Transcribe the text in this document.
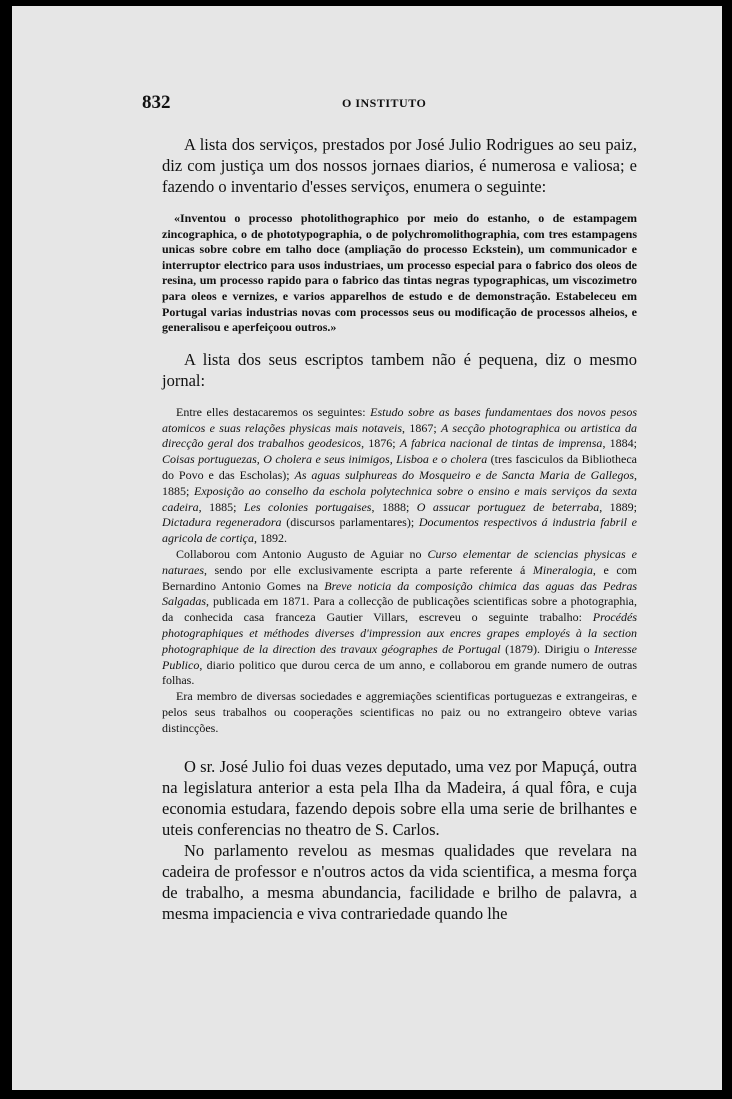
832	O INSTITUTO

A lista dos serviços, prestados por José Julio Rodrigues ao seu paiz, diz com justiça um dos nossos jornaes diarios, é numerosa e valiosa; e fazendo o inventario d'esses serviços, enumera o seguinte:

«Inventou o processo photolithographico por meio do estanho, o de estampagem zincographica, o de phototypographia, o de polychromolithographia, com tres estampagens unicas sobre cobre em talho doce (ampliação do processo Eckstein), um communicador e interruptor electrico para usos industriaes, um processo especial para o fabrico dos oleos de resina, um processo rapido para o fabrico das tintas negras typographicas, um viscozimetro para oleos e vernizes, e varios apparelhos de estudo e de demonstração. Estabeleceu em Portugal varias industrias novas com processos seus ou modificação de processos alheios, e generalisou e aperfeiçoou outros.»

A lista dos seus escriptos tambem não é pequena, diz o mesmo jornal:

Entre elles destacaremos os seguintes: Estudo sobre as bases fundamentaes dos novos pesos atomicos e suas relações physicas mais notaveis, 1867; A secção photographica ou artistica da direcção geral dos trabalhos geodesicos, 1876; A fabrica nacional de tintas de imprensa, 1884; Coisas portuguezas, O cholera e seus inimigos, Lisboa e o cholera (tres fasciculos da Bibliotheca do Povo e das Escholas); As aguas sulphureas do Mosqueiro e de Sancta Maria de Gallegos, 1885; Exposição ao conselho da eschola polytechnica sobre o ensino e mais serviços da sexta cadeira, 1885; Les colonies portugaises, 1888; O assucar portuguez de beterraba, 1889; Dictadura regeneradora (discursos parlamentares); Documentos respectivos á industria fabril e agricola de cortiça, 1892.

Collaborou com Antonio Augusto de Aguiar no Curso elementar de sciencias physicas e naturaes, sendo por elle exclusivamente escripta a parte referente á Mineralogia, e com Bernardino Antonio Gomes na Breve noticia da composição chimica das aguas das Pedras Salgadas, publicada em 1871. Para a collecção de publicações scientificas sobre a photographia, da conhecida casa franceza Gautier Villars, escreveu o seguinte trabalho: Procédés photographiques et méthodes diverses d'impression aux encres grapes employés à la section photographique de la direction des travaux géographes de Portugal (1879). Dirigiu o Interesse Publico, diario politico que durou cerca de um anno, e collaborou em grande numero de outras folhas.

Era membro de diversas sociedades e aggremiações scientificas portuguezas e extrangeiras, e pelos seus trabalhos ou cooperações scientificas no paiz ou no extrangeiro obteve varias distincções.

O sr. José Julio foi duas vezes deputado, uma vez por Mapuçá, outra na legislatura anterior a esta pela Ilha da Madeira, á qual fôra, e cuja economia estudara, fazendo depois sobre ella uma serie de brilhantes e uteis conferencias no theatro de S. Carlos.

No parlamento revelou as mesmas qualidades que revelara na cadeira de professor e n'outros actos da vida scientifica, a mesma força de trabalho, a mesma abundancia, facilidade e brilho de palavra, a mesma impaciencia e viva contrariedade quando lhe
